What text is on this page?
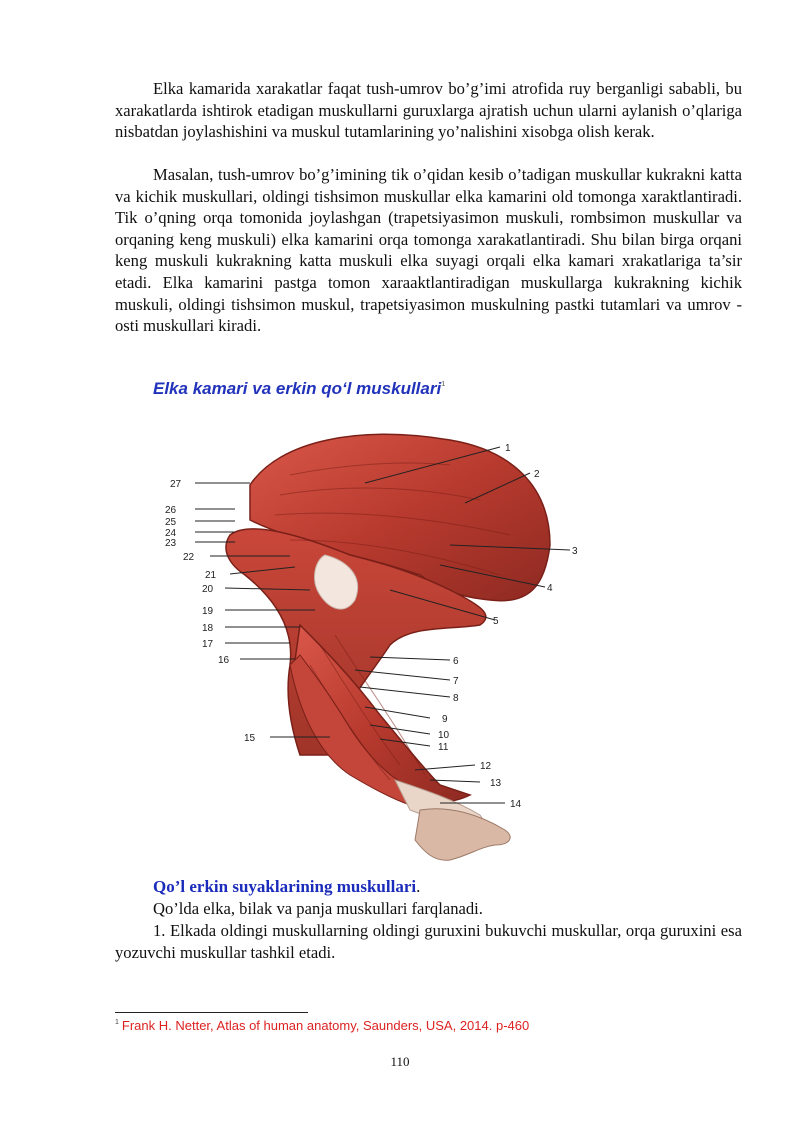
Elka kamarida xarakatlar faqat tush-umrov bo’g’imi atrofida ruy berganligi sababli, bu xarakatlarda ishtirok etadigan muskullarni guruxlarga ajratish uchun ularni aylanish o’qlariga nisbatdan joylashishini va muskul tutamlarining yo’nalishini xisobga olish kerak.

Masalan, tush-umrov bo’g’imining tik o’qidan kesib o’tadigan muskullar kukrakni katta va kichik muskullari, oldingi tishsimon muskullar elka kamarini old tomonga xaraktlantiradi. Tik o’qning orqa tomonida joylashgan (trapetsiyasimon muskuli, rombsimon muskullar va orqaning keng muskuli) elka kamarini orqa tomonga xarakatlantiradi. Shu bilan birga orqani keng muskuli kukrakning katta muskuli elka suyagi orqali elka kamari xrakatlariga ta’sir etadi. Elka kamarini pastga tomon xaraaktlantiradigan muskullarga kukrakning kichik muskuli, oldingi tishsimon muskul, trapetsiyasimon muskulning pastki tutamlari va umrov - osti muskullari kiradi.

Elka kamari va erkin qo‘l muskullari$^1$
1
2
3
4
5
6
7
8
9
10
11
12
13
14
27
26
25
24
23
22
21
20
19
18
17
16
15
Qo’l erkin suyaklarining muskullari.
Qo’lda elka, bilak va panja muskullari farqlanadi.

1. Elkada oldingi muskullarning oldingi guruxini bukuvchi muskullar, orqa guruxini esa yozuvchi muskullar tashkil etadi.

$^1$ Frank H. Netter, Atlas of human anatomy, Saunders, USA, 2014. p-460
110
